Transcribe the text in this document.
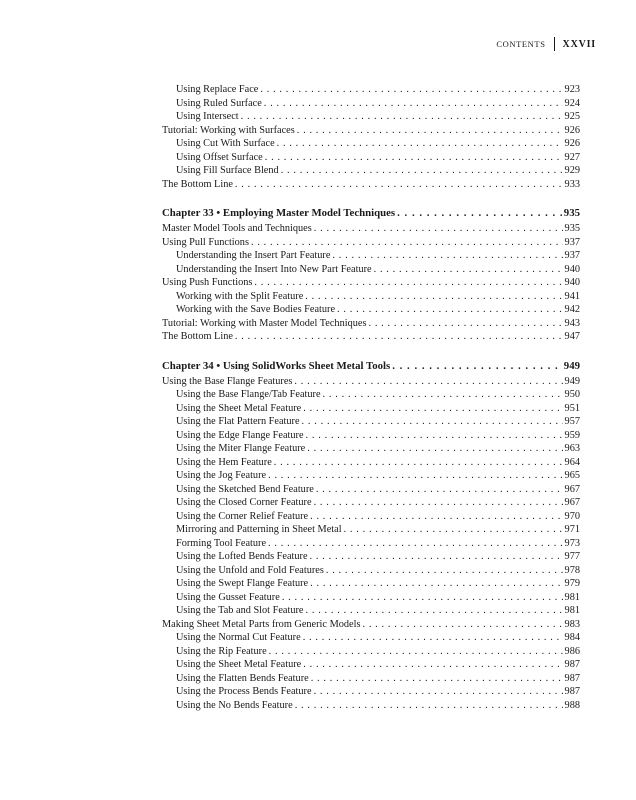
CONTENTS	XXVII
Using Replace Face . . .	923
Using Ruled Surface . . .	924
Using Intersect . . .	925
Tutorial: Working with Surfaces . . .	926
Using Cut With Surface . . .	926
Using Offset Surface . . .	927
Using Fill Surface Blend . . .	929
The Bottom Line . . .	933
Chapter 33 • Employing Master Model Techniques . . .	935
Master Model Tools and Techniques . . .	935
Using Pull Functions . . .	937
Understanding the Insert Part Feature . . .	937
Understanding the Insert Into New Part Feature . . .	940
Using Push Functions . . .	940
Working with the Split Feature . . .	941
Working with the Save Bodies Feature . . .	942
Tutorial: Working with Master Model Techniques . . .	943
The Bottom Line . . .	947
Chapter 34 • Using SolidWorks Sheet Metal Tools . . .	949
Using the Base Flange Features . . .	949
Using the Base Flange/Tab Feature . . .	950
Using the Sheet Metal Feature . . .	951
Using the Flat Pattern Feature . . .	957
Using the Edge Flange Feature . . .	959
Using the Miter Flange Feature . . .	963
Using the Hem Feature . . .	964
Using the Jog Feature . . .	965
Using the Sketched Bend Feature . . .	967
Using the Closed Corner Feature . . .	967
Using the Corner Relief Feature . . .	970
Mirroring and Patterning in Sheet Metal . . .	971
Forming Tool Feature . . .	973
Using the Lofted Bends Feature . . .	977
Using the Unfold and Fold Features . . .	978
Using the Swept Flange Feature . . .	979
Using the Gusset Feature . . .	981
Using the Tab and Slot Feature . . .	981
Making Sheet Metal Parts from Generic Models . . .	983
Using the Normal Cut Feature . . .	984
Using the Rip Feature . . .	986
Using the Sheet Metal Feature . . .	987
Using the Flatten Bends Feature . . .	987
Using the Process Bends Feature . . .	987
Using the No Bends Feature . . .	988
